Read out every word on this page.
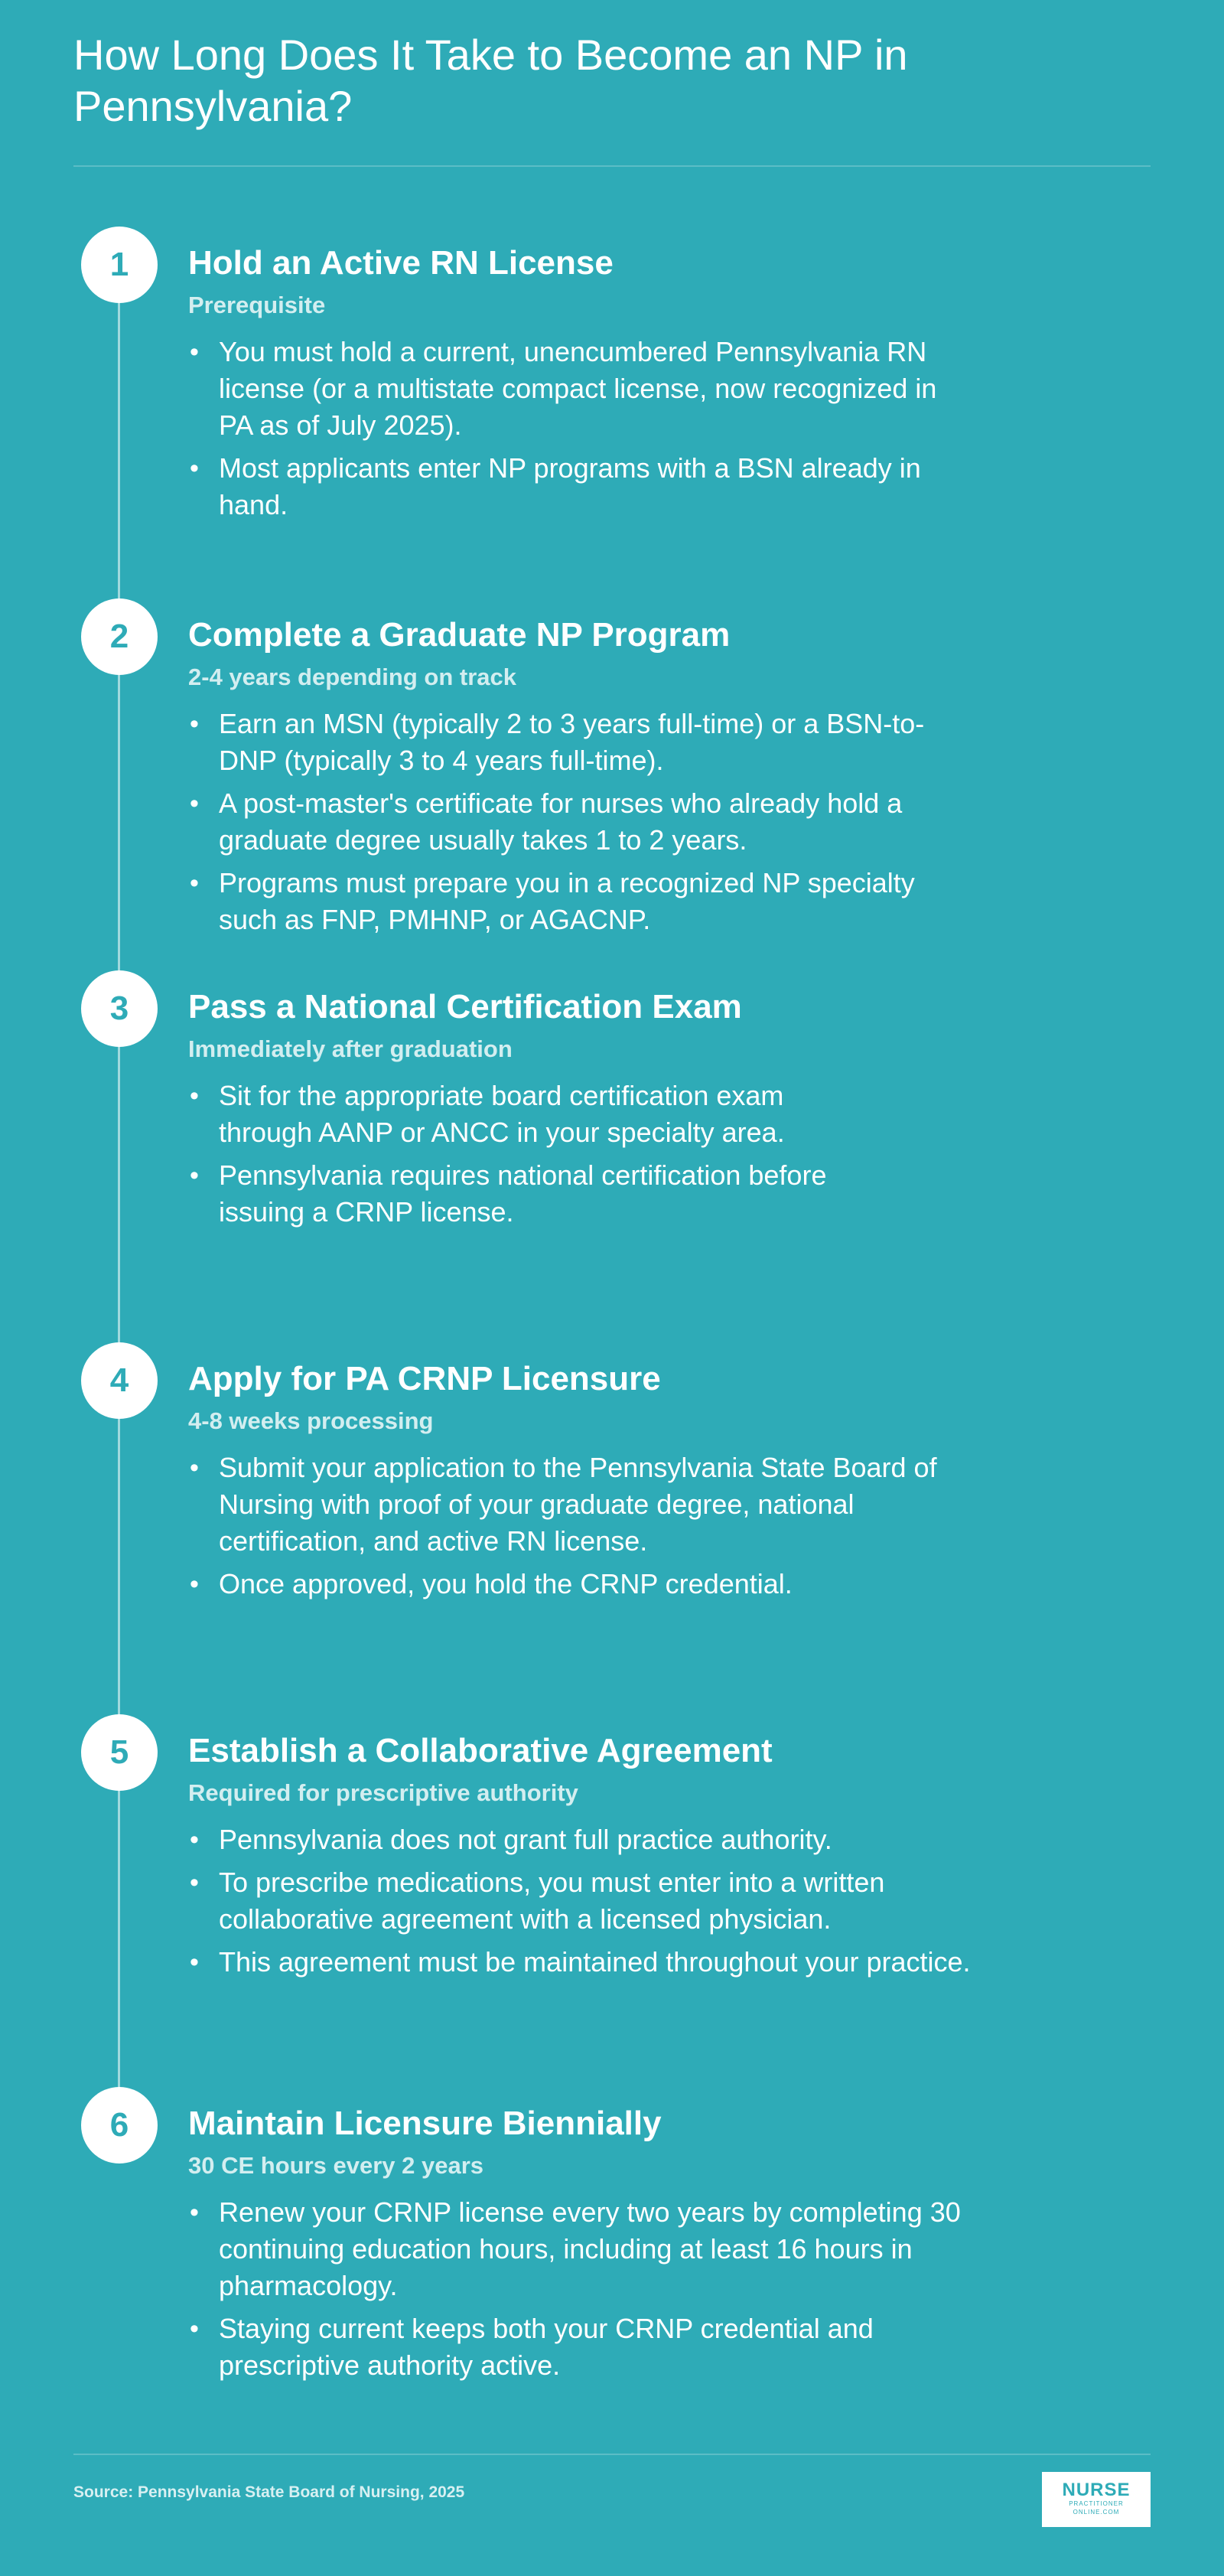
How Long Does It Take to Become an NP in Pennsylvania?
1	Hold an Active RN License
Prerequisite
• You must hold a current, unencumbered Pennsylvania RN license (or a multistate compact license, now recognized in PA as of July 2025).
• Most applicants enter NP programs with a BSN already in hand.
2	Complete a Graduate NP Program
2-4 years depending on track
• Earn an MSN (typically 2 to 3 years full-time) or a BSN-to-DNP (typically 3 to 4 years full-time).
• A post-master's certificate for nurses who already hold a graduate degree usually takes 1 to 2 years.
• Programs must prepare you in a recognized NP specialty such as FNP, PMHNP, or AGACNP.
3	Pass a National Certification Exam
Immediately after graduation
• Sit for the appropriate board certification exam through AANP or ANCC in your specialty area.
• Pennsylvania requires national certification before issuing a CRNP license.
4	Apply for PA CRNP Licensure
4-8 weeks processing
• Submit your application to the Pennsylvania State Board of Nursing with proof of your graduate degree, national certification, and active RN license.
• Once approved, you hold the CRNP credential.
5	Establish a Collaborative Agreement
Required for prescriptive authority
• Pennsylvania does not grant full practice authority.
• To prescribe medications, you must enter into a written collaborative agreement with a licensed physician.
• This agreement must be maintained throughout your practice.
6	Maintain Licensure Biennially
30 CE hours every 2 years
• Renew your CRNP license every two years by completing 30 continuing education hours, including at least 16 hours in pharmacology.
• Staying current keeps both your CRNP credential and prescriptive authority active.
Source: Pennsylvania State Board of Nursing, 2025	NURSE
PRACTITIONER
ONLINE.COM
